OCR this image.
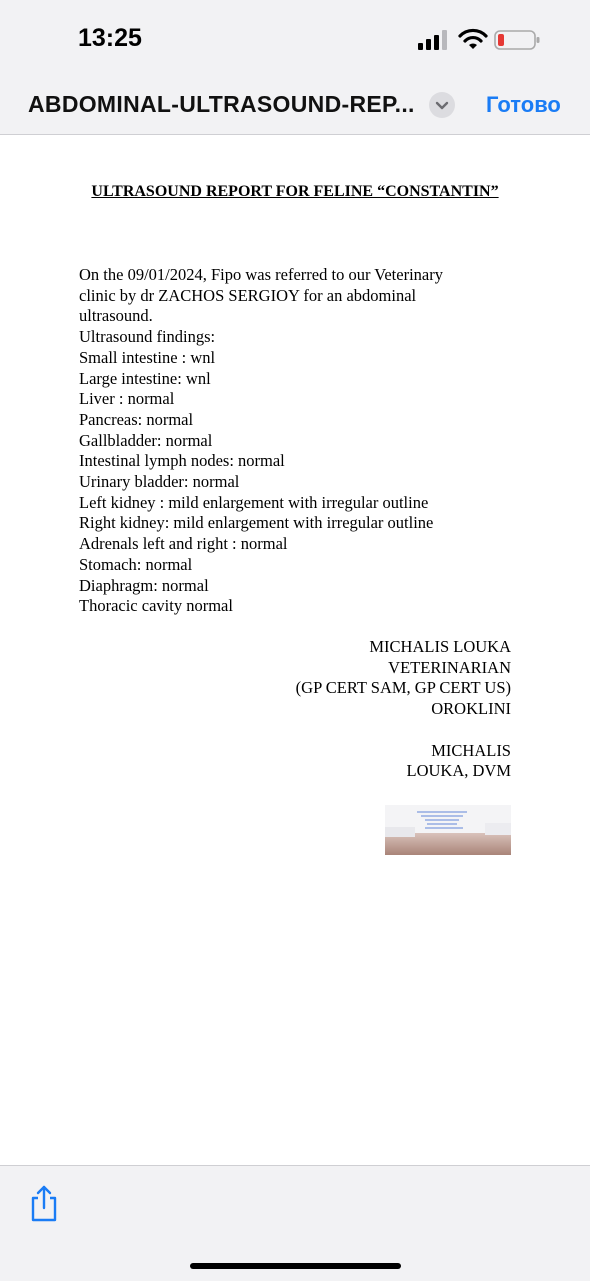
13:25
ABDOMINAL-ULTRASOUND-REP...	Готово
ULTRASOUND REPORT FOR FELINE “CONSTANTIN”
On the 09/01/2024, Fipo was referred to our Veterinary
clinic by dr ZACHOS SERGIOY for an abdominal
ultrasound.
Ultrasound findings:
Small intestine : wnl
Large intestine: wnl
Liver : normal
Pancreas: normal
Gallbladder: normal
Intestinal lymph nodes: normal
Urinary bladder: normal
Left kidney : mild enlargement with irregular outline
Right kidney: mild enlargement with irregular outline
Adrenals left and right : normal
Stomach: normal
Diaphragm: normal
Thoracic cavity normal
MICHALIS LOUKA
VETERINARIAN
(GP CERT SAM, GP CERT US)
OROKLINI
MICHALIS
LOUKA, DVM
